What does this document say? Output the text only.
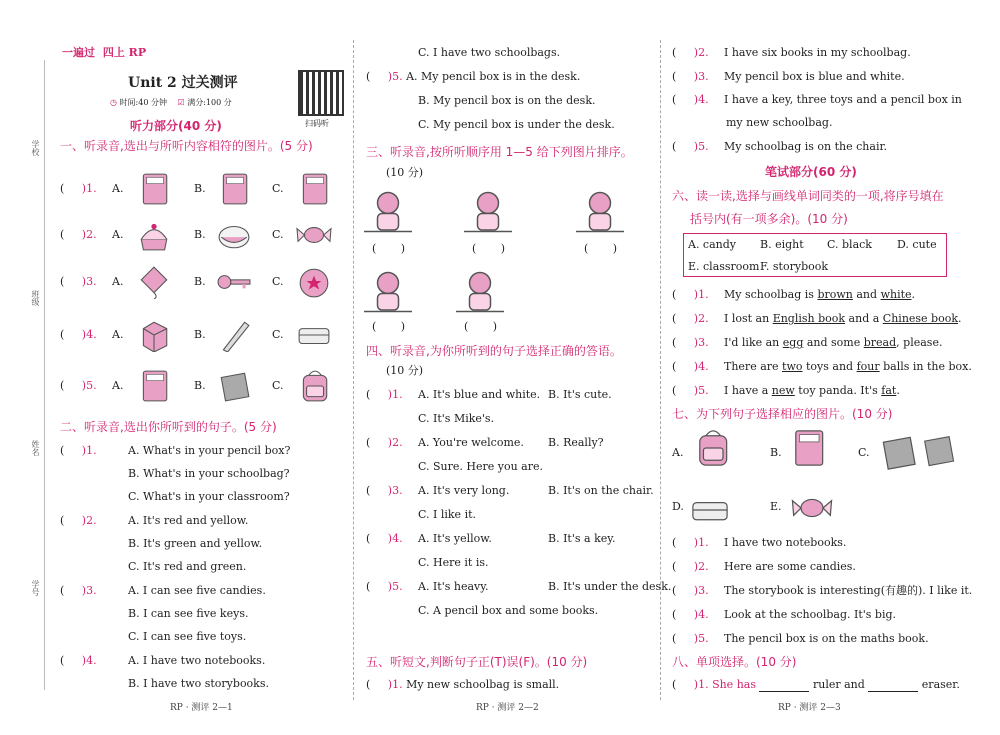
一遍过 四上 RP
Unit 2 过关测评
◷ 时间:40 分钟 ☑ 满分:100 分
扫码听
听力部分(40 分)
学校
班级
姓名
学号
一、听录音,选出与所听内容相符的图片。(5 分)
二、听录音,选出你所听到的句子。(5 分)
C. I have two schoolbags.
(     )5. A. My pencil box is in the desk.
B. My pencil box is on the desk.
C. My pencil box is under the desk.
三、听录音,按所听顺序用 1—5 给下列图片排序。
(10 分)
四、听录音,为你所听到的句子选择正确的答语。
(10 分)
五、听短文,判断句子正(T)误(F)。(10 分)
(     )1. My new schoolbag is small.
my new schoolbag.
笔试部分(60 分)
六、读一读,选择与画线单词同类的一项,将序号填在
括号内(有一项多余)。(10 分)
七、为下列句子选择相应的图片。(10 分)
八、单项选择。(10 分)
(     )1. She has	ruler and	eraser.
RP · 测评 2—1	RP · 测评 2—2	RP · 测评 2—3
(     )1. A.	B.	C.
(     )2. A.	B.	C.
(     )3. A.	B.	C.
(     )4. A.	B.	C.
(     )5. A.	B.	C.
(     )1.	A. What's in your pencil box?
B. What's in your schoolbag?
C. What's in your classroom?
(     )2.	A. It's red and yellow.
B. It's green and yellow.
C. It's red and green.
(     )3.	A. I can see five candies.
B. I can see five keys.
C. I can see five toys.
(     )4.	A. I have two notebooks.
B. I have two storybooks.
(       )	(       )	(       )
(       )	(       )
(     )1. A. It's blue and white. B. It's cute.
C. It's Mike's.
(     )2. A. You're welcome. B. Really?
C. Sure. Here you are.
(     )3. A. It's very long.	B. It's on the chair.
C. I like it.
(     )4. A. It's yellow.	B. It's a key.
C. Here it is.
(     )5. A. It's heavy.	B. It's under the desk.
C. A pencil box and some books.
(     )2. I have six books in my schoolbag.
(     )3. My pencil box is blue and white.
(     )4. I have a key, three toys and a pencil box in
(     )5. My schoolbag is on the chair.
A. candy B. eight C. black D. cute
E. classroom F. storybook
(     )1. My schoolbag is brown and white.
(     )2. I lost an English book and a Chinese book.
(     )3. I'd like an egg and some bread, please.
(     )4. There are two toys and four balls in the box.
(     )5. I have a new toy panda. It's fat.
A.	B.	C.
D.	E.
(     )1. I have two notebooks.
(     )2. Here are some candies.
(     )3. The storybook is interesting(有趣的). I like it.
(     )4. Look at the schoolbag. It's big.
(     )5. The pencil box is on the maths book.
